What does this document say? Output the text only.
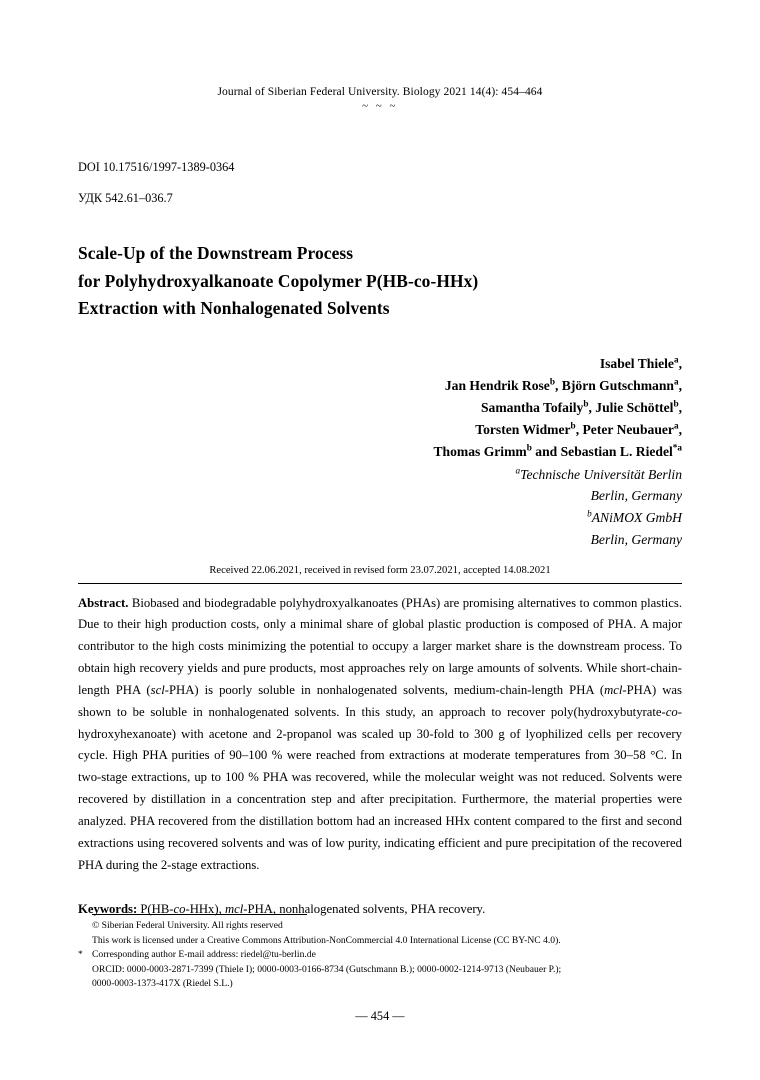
Journal of Siberian Federal University. Biology 2021 14(4): 454–464
~ ~ ~
DOI 10.17516/1997-1389-0364
УДК 542.61–036.7
Scale-Up of the Downstream Process
for Polyhydroxyalkanoate Copolymer P(HB-co-HHx)
Extraction with Nonhalogenated Solvents
Isabel Thiele$^a$,
Jan Hendrik Rose$^b$, Björn Gutschmann$^a$,
Samantha Tofaily$^b$, Julie Schöttel$^b$,
Torsten Widmer$^b$, Peter Neubauer$^a$,
Thomas Grimm$^b$ and Sebastian L. Riedel$^{*a}$
$^a$Technische Universität Berlin
Berlin, Germany
$^b$ANiMOX GmbH
Berlin, Germany
Received 22.06.2021, received in revised form 23.07.2021, accepted 14.08.2021
Abstract. Biobased and biodegradable polyhydroxyalkanoates (PHAs) are promising alternatives to common plastics. Due to their high production costs, only a minimal share of global plastic production is composed of PHA. A major contributor to the high costs minimizing the potential to occupy a larger market share is the downstream process. To obtain high recovery yields and pure products, most approaches rely on large amounts of solvents. While short-chain-length PHA (scl-PHA) is poorly soluble in nonhalogenated solvents, medium-chain-length PHA (mcl-PHA) was shown to be soluble in nonhalogenated solvents. In this study, an approach to recover poly(hydroxybutyrate-co-hydroxyhexanoate) with acetone and 2-propanol was scaled up 30-fold to 300 g of lyophilized cells per recovery cycle. High PHA purities of 90–100 % were reached from extractions at moderate temperatures from 30–58 °C. In two-stage extractions, up to 100 % PHA was recovered, while the molecular weight was not reduced. Solvents were recovered by distillation in a concentration step and after precipitation. Furthermore, the material properties were analyzed. PHA recovered from the distillation bottom had an increased HHx content compared to the first and second extractions using recovered solvents and was of low purity, indicating efficient and pure precipitation of the recovered PHA during the 2-stage extractions.
Keywords: P(HB-co-HHx), mcl-PHA, nonhalogenated solvents, PHA recovery.
© Siberian Federal University. All rights reserved
This work is licensed under a Creative Commons Attribution-NonCommercial 4.0 International License (CC BY-NC 4.0).
* Corresponding author E-mail address: riedel@tu-berlin.de
ORCID: 0000-0003-2871-7399 (Thiele I); 0000-0003-0166-8734 (Gutschmann B.); 0000-0002-1214-9713 (Neubauer P.);
0000-0003-1373-417X (Riedel S.L.)
— 454 —
